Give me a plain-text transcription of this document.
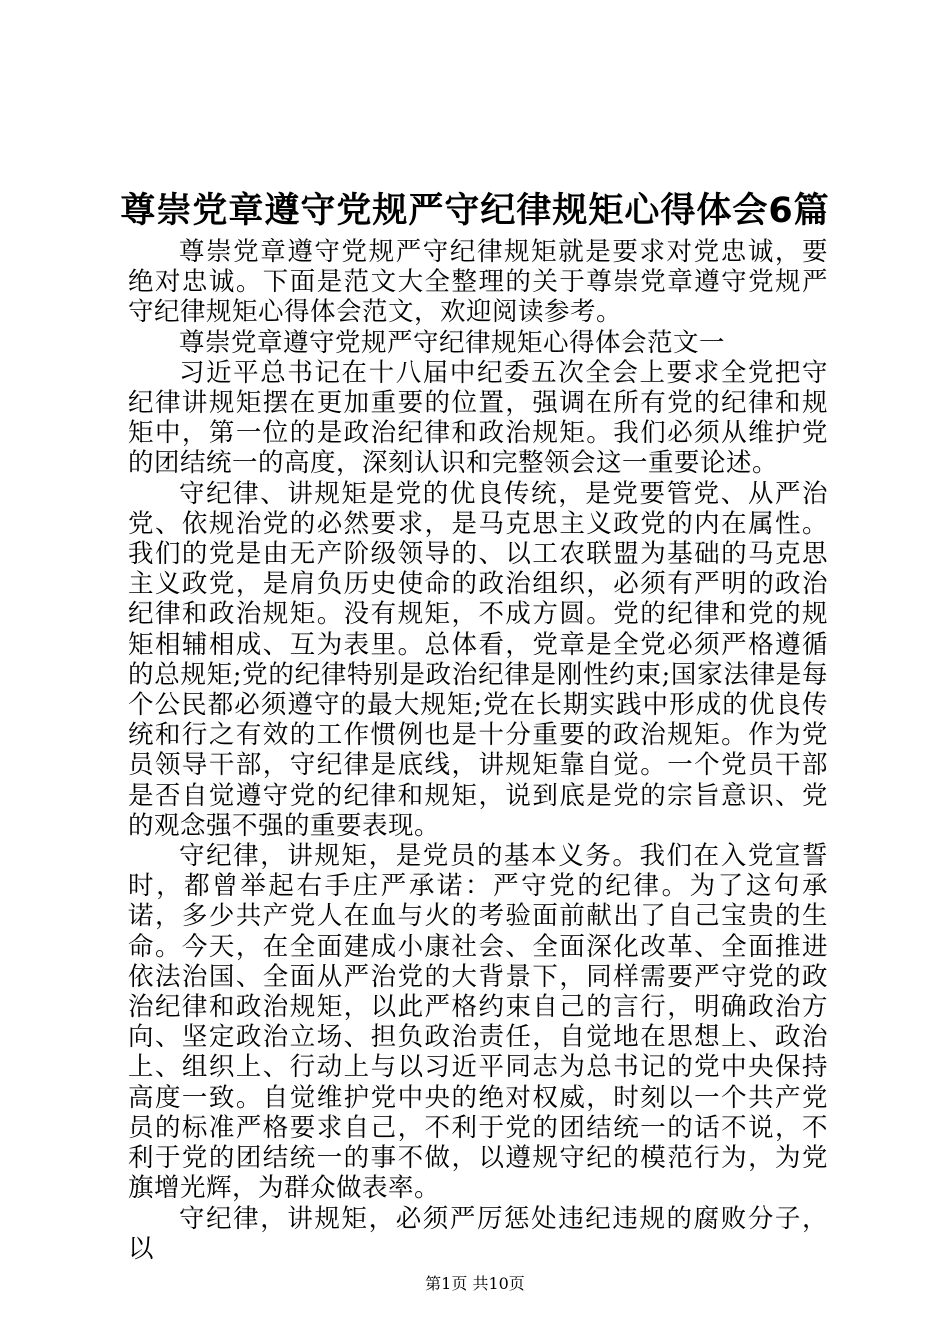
尊崇党章遵守党规严守纪律规矩心得体会6篇

尊崇党章遵守党规严守纪律规矩就是要求对党忠诚，要绝对忠诚。下面是范文大全整理的关于尊崇党章遵守党规严守纪律规矩心得体会范文，欢迎阅读参考。

尊崇党章遵守党规严守纪律规矩心得体会范文一

习近平总书记在十八届中纪委五次全会上要求全党把守纪律讲规矩摆在更加重要的位置，强调在所有党的纪律和规矩中，第一位的是政治纪律和政治规矩。我们必须从维护党的团结统一的高度，深刻认识和完整领会这一重要论述。

守纪律、讲规矩是党的优良传统，是党要管党、从严治党、依规治党的必然要求，是马克思主义政党的内在属性。我们的党是由无产阶级领导的、以工农联盟为基础的马克思主义政党，是肩负历史使命的政治组织，必须有严明的政治纪律和政治规矩。没有规矩，不成方圆。党的纪律和党的规矩相辅相成、互为表里。总体看，党章是全党必须严格遵循的总规矩;党的纪律特别是政治纪律是刚性约束;国家法律是每个公民都必须遵守的最大规矩;党在长期实践中形成的优良传统和行之有效的工作惯例也是十分重要的政治规矩。作为党员领导干部，守纪律是底线，讲规矩靠自觉。一个党员干部是否自觉遵守党的纪律和规矩，说到底是党的宗旨意识、党的观念强不强的重要表现。

守纪律，讲规矩，是党员的基本义务。我们在入党宣誓时，都曾举起右手庄严承诺：严守党的纪律。为了这句承诺，多少共产党人在血与火的考验面前献出了自己宝贵的生命。今天，在全面建成小康社会、全面深化改革、全面推进依法治国、全面从严治党的大背景下，同样需要严守党的政治纪律和政治规矩，以此严格约束自己的言行，明确政治方向、坚定政治立场、担负政治责任，自觉地在思想上、政治上、组织上、行动上与以习近平同志为总书记的党中央保持高度一致。自觉维护党中央的绝对权威，时刻以一个共产党员的标准严格要求自己，不利于党的团结统一的话不说，不利于党的团结统一的事不做，以遵规守纪的模范行为，为党旗增光辉，为群众做表率。

守纪律，讲规矩，必须严厉惩处违纪违规的腐败分子，以

第1页 共10页
